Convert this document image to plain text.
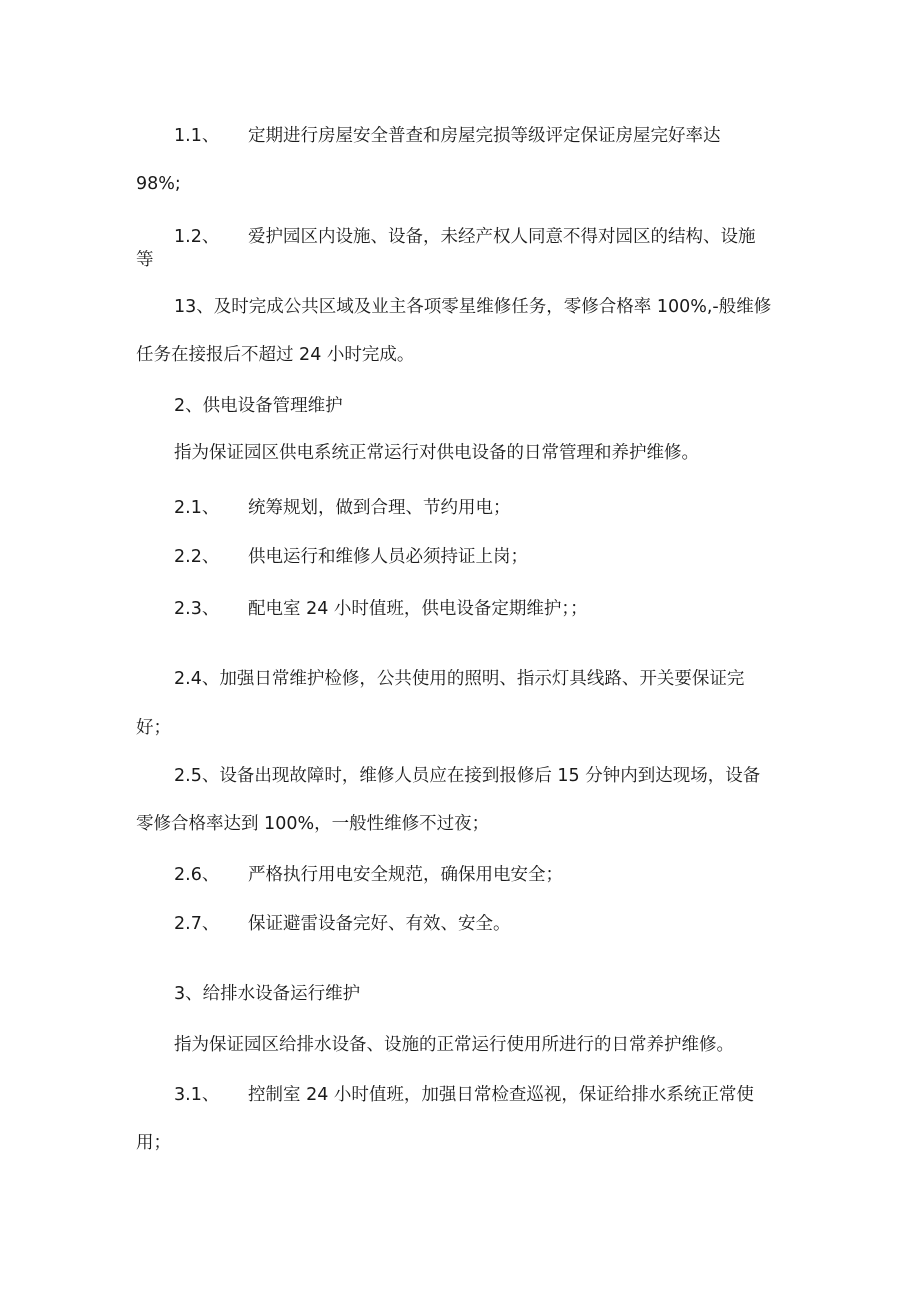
1.1、 定期进行房屋安全普查和房屋完损等级评定保证房屋完好率达
98%;
1.2、 爱护园区内设施、设备，未经产权人同意不得对园区的结构、设施
等
13、及时完成公共区域及业主各项零星维修任务，零修合格率 100%,-般维修
任务在接报后不超过 24 小时完成。
2、供电设备管理维护
指为保证园区供电系统正常运行对供电设备的日常管理和养护维修。
2.1、 统筹规划，做到合理、节约用电；
2.2、 供电运行和维修人员必须持证上岗；
2.3、 配电室 24 小时值班，供电设备定期维护；；
2.4、加强日常维护检修，公共使用的照明、指示灯具线路、开关要保证完
好；
2.5、设备出现故障时，维修人员应在接到报修后 15 分钟内到达现场，设备
零修合格率达到 100%，一般性维修不过夜；
2.6、 严格执行用电安全规范，确保用电安全；
2.7、 保证避雷设备完好、有效、安全。
3、给排水设备运行维护
指为保证园区给排水设备、设施的正常运行使用所进行的日常养护维修。
3.1、 控制室 24 小时值班，加强日常检查巡视，保证给排水系统正常使
用；
